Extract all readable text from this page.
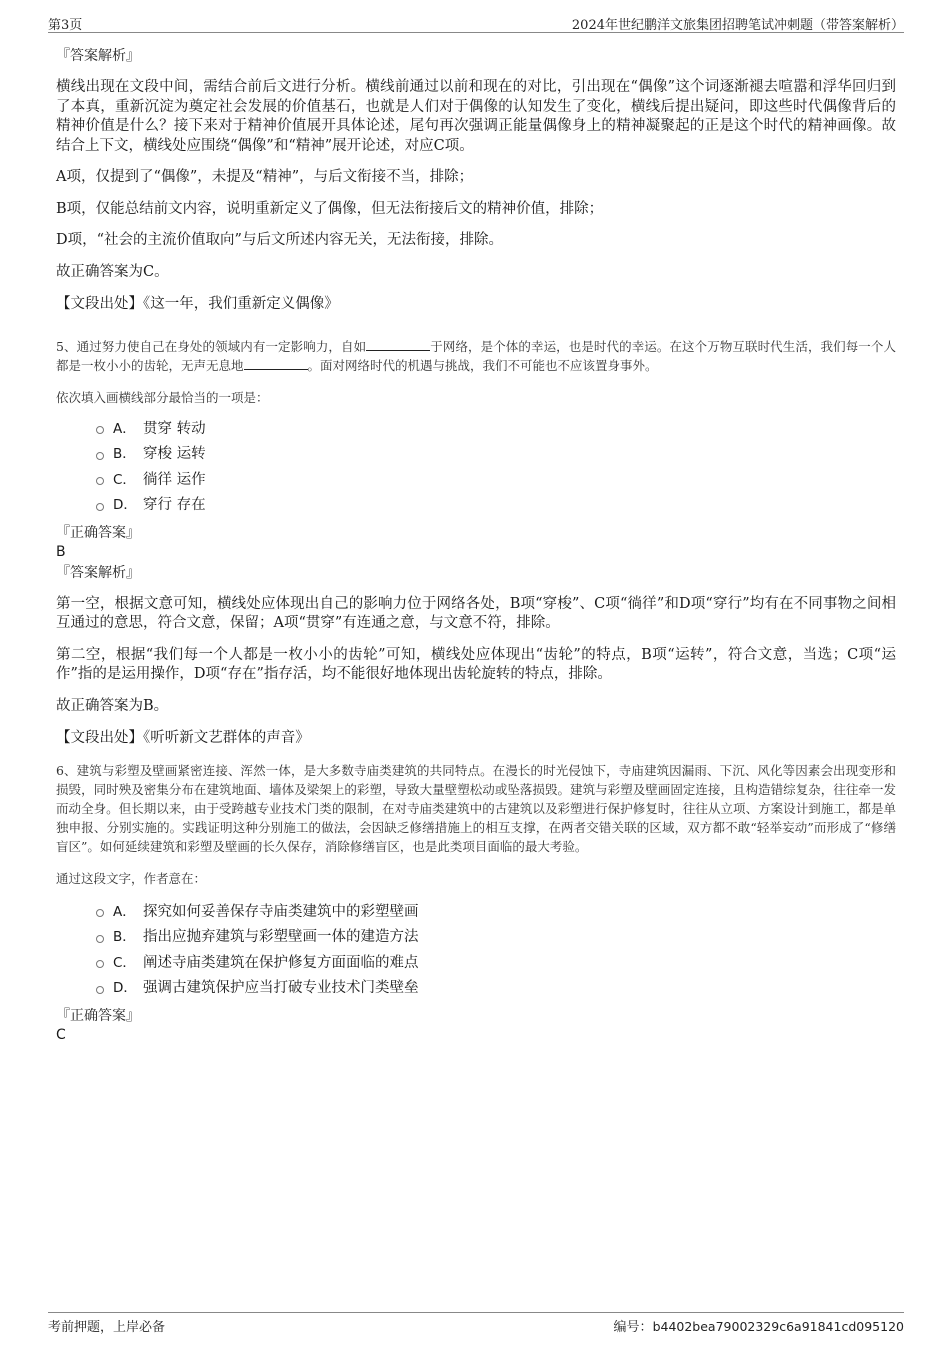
第3页	2024年世纪鹏洋文旅集团招聘笔试冲刺题（带答案解析）
『答案解析』
横线出现在文段中间，需结合前后文进行分析。横线前通过以前和现在的对比，引出现在“偶像”这个词逐渐褪去喧嚣和浮华回归到了本真，重新沉淀为奠定社会发展的价值基石，也就是人们对于偶像的认知发生了变化，横线后提出疑问，即这些时代偶像背后的精神价值是什么？接下来对于精神价值展开具体论述，尾句再次强调正能量偶像身上的精神凝聚起的正是这个时代的精神画像。故结合上下文，横线处应围绕“偶像”和“精神”展开论述，对应C项。
A项，仅提到了“偶像”，未提及“精神”，与后文衔接不当，排除；
B项，仅能总结前文内容，说明重新定义了偶像，但无法衔接后文的精神价值，排除；
D项，“社会的主流价值取向”与后文所述内容无关，无法衔接，排除。
故正确答案为C。
【文段出处】《这一年，我们重新定义偶像》
5、通过努力使自己在身处的领域内有一定影响力，自如	于网络，是个体的幸运，也是时代的幸运。在这个万物互联时代生活，我们每一个人都是一枚小小的齿轮，无声无息地	。面对网络时代的机遇与挑战，我们不可能也不应该置身事外。
依次填入画横线部分最恰当的一项是：
A． 贯穿 转动
B． 穿梭 运转
C． 徜徉 运作
D． 穿行 存在
『正确答案』
B
『答案解析』
第一空，根据文意可知，横线处应体现出自己的影响力位于网络各处，B项“穿梭”、C项“徜徉”和D项“穿行”均有在不同事物之间相互通过的意思，符合文意，保留；A项“贯穿”有连通之意，与文意不符，排除。
第二空，根据“我们每一个人都是一枚小小的齿轮”可知，横线处应体现出“齿轮”的特点，B项“运转”，符合文意，当选；C项“运作”指的是运用操作，D项“存在”指存活，均不能很好地体现出齿轮旋转的特点，排除。
故正确答案为B。
【文段出处】《听听新文艺群体的声音》
6、建筑与彩塑及壁画紧密连接、浑然一体，是大多数寺庙类建筑的共同特点。在漫长的时光侵蚀下，寺庙建筑因漏雨、下沉、风化等因素会出现变形和损毁，同时殃及密集分布在建筑地面、墙体及梁架上的彩塑，导致大量壁塑松动或坠落损毁。建筑与彩塑及壁画固定连接，且构造错综复杂，往往牵一发而动全身。但长期以来，由于受跨越专业技术门类的限制，在对寺庙类建筑中的古建筑以及彩塑进行保护修复时，往往从立项、方案设计到施工，都是单独申报、分别实施的。实践证明这种分别施工的做法，会因缺乏修缮措施上的相互支撑，在两者交错关联的区域，双方都不敢“轻举妄动”而形成了“修缮盲区”。如何延续建筑和彩塑及壁画的长久保存，消除修缮盲区，也是此类项目面临的最大考验。
通过这段文字，作者意在：
A． 探究如何妥善保存寺庙类建筑中的彩塑壁画
B． 指出应抛弃建筑与彩塑壁画一体的建造方法
C． 阐述寺庙类建筑在保护修复方面面临的难点
D． 强调古建筑保护应当打破专业技术门类壁垒
『正确答案』
C
考前押题，上岸必备	编号：b4402bea79002329c6a91841cd095120
